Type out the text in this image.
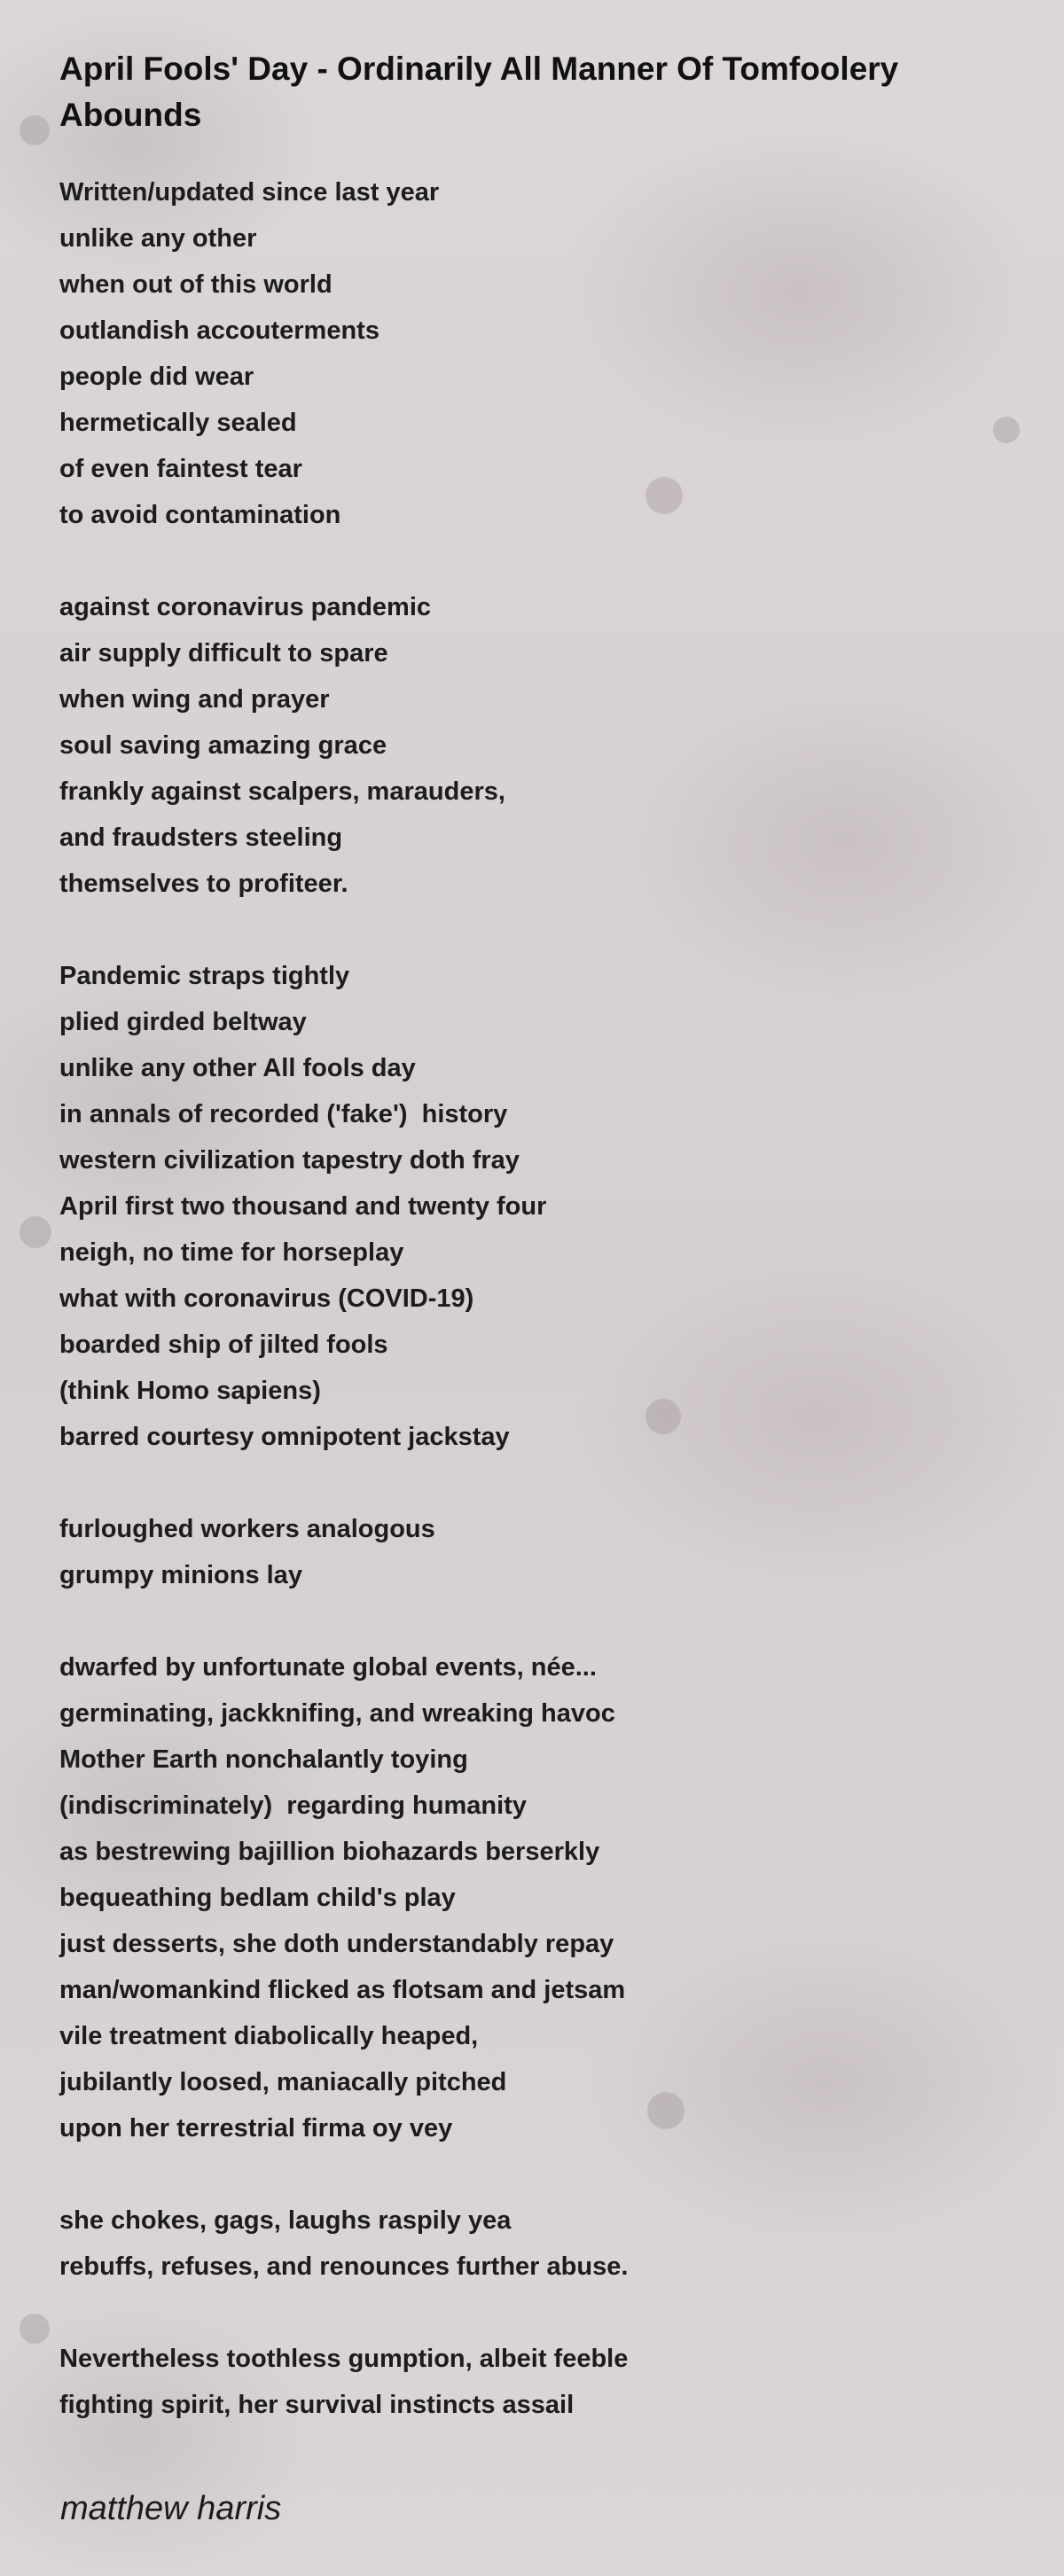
April Fools' Day - Ordinarily All Manner Of Tomfoolery Abounds
Written/updated since last year
unlike any other
when out of this world
outlandish accouterments
people did wear
hermetically sealed
of even faintest tear
to avoid contamination
against coronavirus pandemic
air supply difficult to spare
when wing and prayer
soul saving amazing grace
frankly against scalpers, marauders,
and fraudsters steeling
themselves to profiteer.
Pandemic straps tightly
plied girded beltway
unlike any other All fools day
in annals of recorded ('fake')  history
western civilization tapestry doth fray
April first two thousand and twenty four
neigh, no time for horseplay
what with coronavirus (COVID-19)
boarded ship of jilted fools
(think Homo sapiens)
barred courtesy omnipotent jackstay
furloughed workers analogous
grumpy minions lay
dwarfed by unfortunate global events, née...
germinating, jackknifing, and wreaking havoc
Mother Earth nonchalantly toying
(indiscriminately)  regarding humanity
as bestrewing bajillion biohazards berserkly
bequeathing bedlam child's play
just desserts, she doth understandably repay
man/womankind flicked as flotsam and jetsam
vile treatment diabolically heaped,
jubilantly loosed, maniacally pitched
upon her terrestrial firma oy vey
she chokes, gags, laughs raspily yea
rebuffs, refuses, and renounces further abuse.
Nevertheless toothless gumption, albeit feeble
fighting spirit, her survival instincts assail
matthew harris
